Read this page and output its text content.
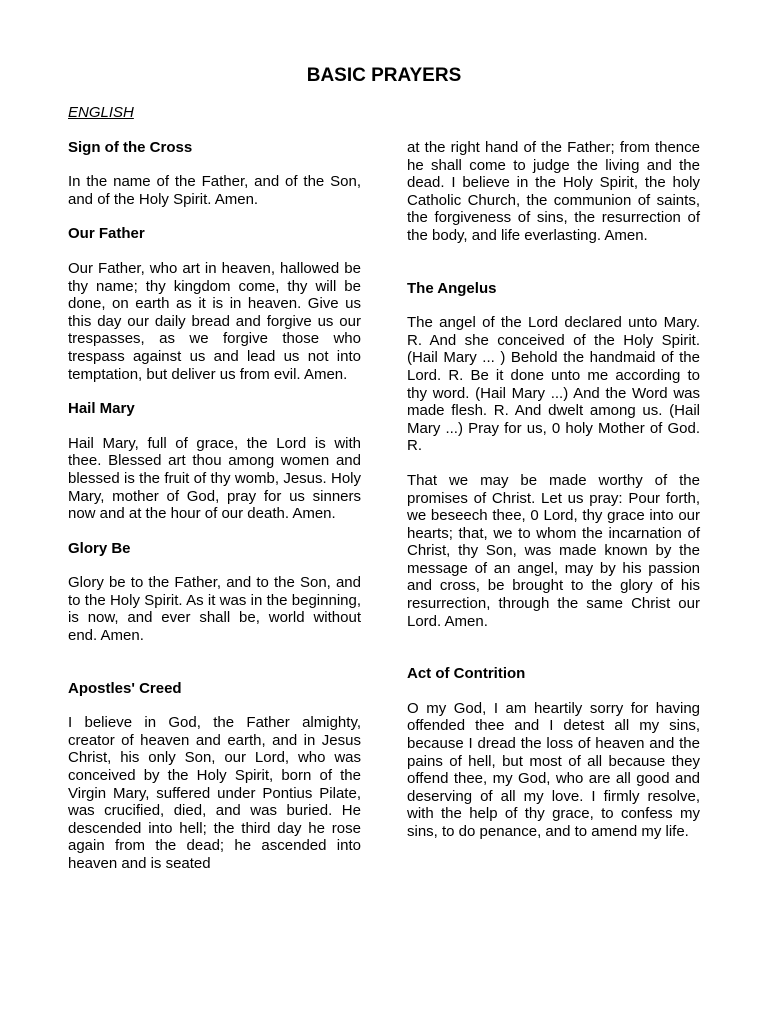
BASIC PRAYERS
ENGLISH
Sign of the Cross

In the name of the Father, and of the Son, and of the Holy Spirit. Amen.

Our Father

Our Father, who art in heaven, hallowed be thy name; thy kingdom come, thy will be done, on earth as it is in heaven. Give us this day our daily bread and forgive us our trespasses, as we forgive those who trespass against us and lead us not into temptation, but deliver us from evil. Amen.

Hail Mary

Hail Mary, full of grace, the Lord is with thee. Blessed art thou among women and blessed is the fruit of thy womb, Jesus. Holy Mary, mother of God, pray for us sinners now and at the hour of our death. Amen.

Glory Be

Glory be to the Father, and to the Son, and to the Holy Spirit. As it was in the beginning, is now, and ever shall be, world without end. Amen.

Apostles' Creed

I believe in God, the Father almighty, creator of heaven and earth, and in Jesus Christ, his only Son, our Lord, who was conceived by the Holy Spirit, born of the Virgin Mary, suffered under Pontius Pilate, was crucified, died, and was buried. He descended into hell; the third day he rose again from the dead; he ascended into heaven and is seated

at the right hand of the Father; from thence he shall come to judge the living and the dead. I believe in the Holy Spirit, the holy Catholic Church, the communion of saints, the forgiveness of sins, the resurrection of the body, and life everlasting. Amen.

The Angelus

The angel of the Lord declared unto Mary. R. And she conceived of the Holy Spirit. (Hail Mary ... ) Behold the handmaid of the Lord. R. Be it done unto me according to thy word. (Hail Mary ...) And the Word was made flesh. R. And dwelt among us. (Hail Mary ...) Pray for us, 0 holy Mother of God. R.

That we may be made worthy of the promises of Christ. Let us pray: Pour forth, we beseech thee, 0 Lord, thy grace into our hearts; that, we to whom the incarnation of Christ, thy Son, was made known by the message of an angel, may by his passion and cross, be brought to the glory of his resurrection, through the same Christ our Lord. Amen.

Act of Contrition

O my God, I am heartily sorry for having offended thee and I detest all my sins, because I dread the loss of heaven and the pains of hell, but most of all because they offend thee, my God, who are all good and deserving of all my love. I firmly resolve, with the help of thy grace, to confess my sins, to do penance, and to amend my life.
